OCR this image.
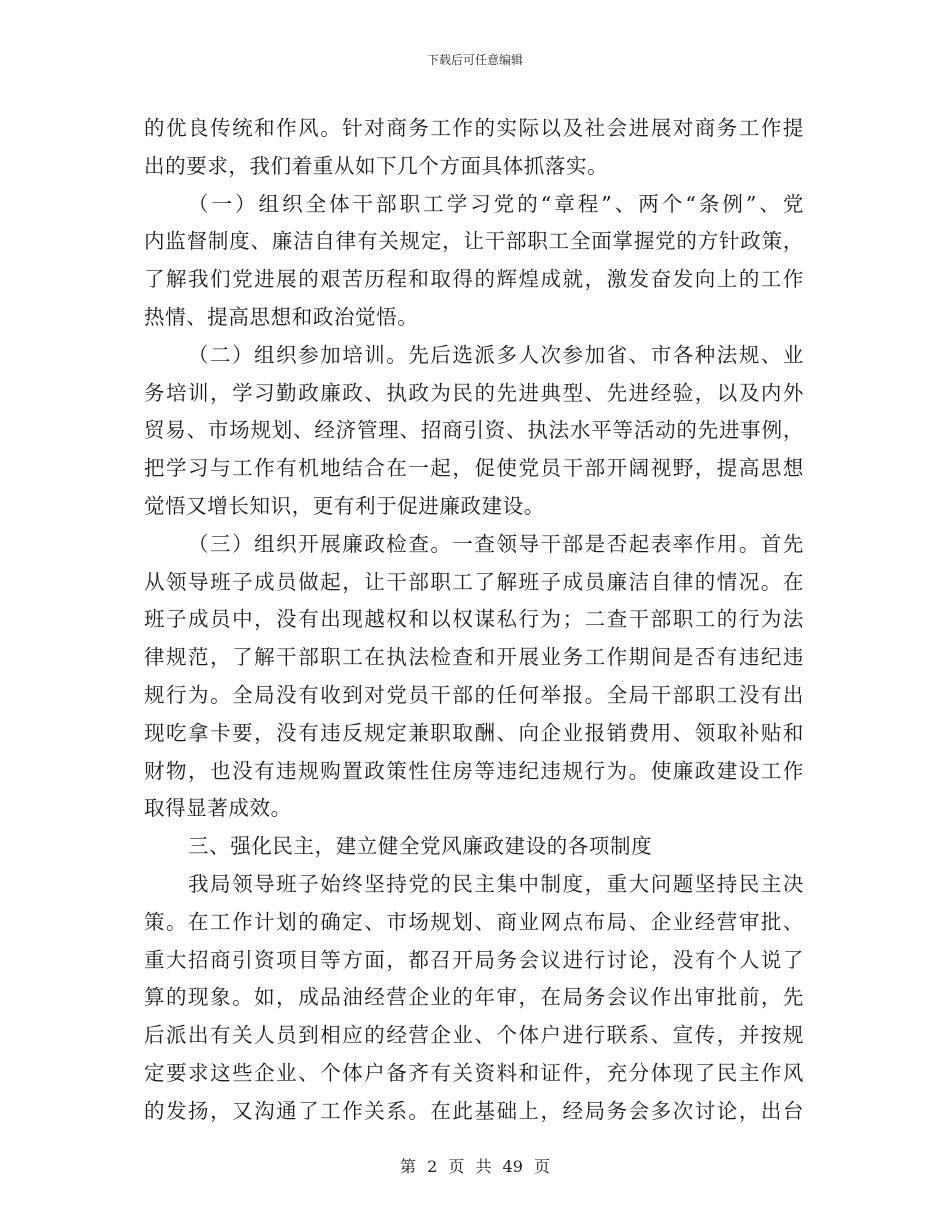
下载后可任意编辑
的优良传统和作风。针对商务工作的实际以及社会进展对商务工作提
出的要求，我们着重从如下几个方面具体抓落实。
（一）组织全体干部职工学习党的“章程”、两个“条例”、党
内监督制度、廉洁自律有关规定，让干部职工全面掌握党的方针政策，
了解我们党进展的艰苦历程和取得的辉煌成就，激发奋发向上的工作
热情、提高思想和政治觉悟。
（二）组织参加培训。先后选派多人次参加省、市各种法规、业
务培训，学习勤政廉政、执政为民的先进典型、先进经验，以及内外
贸易、市场规划、经济管理、招商引资、执法水平等活动的先进事例，
把学习与工作有机地结合在一起，促使党员干部开阔视野，提高思想
觉悟又增长知识，更有利于促进廉政建设。
（三）组织开展廉政检查。一查领导干部是否起表率作用。首先
从领导班子成员做起，让干部职工了解班子成员廉洁自律的情况。在
班子成员中，没有出现越权和以权谋私行为；二查干部职工的行为法
律规范，了解干部职工在执法检查和开展业务工作期间是否有违纪违
规行为。全局没有收到对党员干部的任何举报。全局干部职工没有出
现吃拿卡要，没有违反规定兼职取酬、向企业报销费用、领取补贴和
财物，也没有违规购置政策性住房等违纪违规行为。使廉政建设工作
取得显著成效。
三、强化民主，建立健全党风廉政建设的各项制度
我局领导班子始终坚持党的民主集中制度，重大问题坚持民主决
策。在工作计划的确定、市场规划、商业网点布局、企业经营审批、
重大招商引资项目等方面，都召开局务会议进行讨论，没有个人说了
算的现象。如，成品油经营企业的年审，在局务会议作出审批前，先
后派出有关人员到相应的经营企业、个体户进行联系、宣传，并按规
定要求这些企业、个体户备齐有关资料和证件，充分体现了民主作风
的发扬，又沟通了工作关系。在此基础上，经局务会多次讨论，出台
第 2 页 共 49 页
